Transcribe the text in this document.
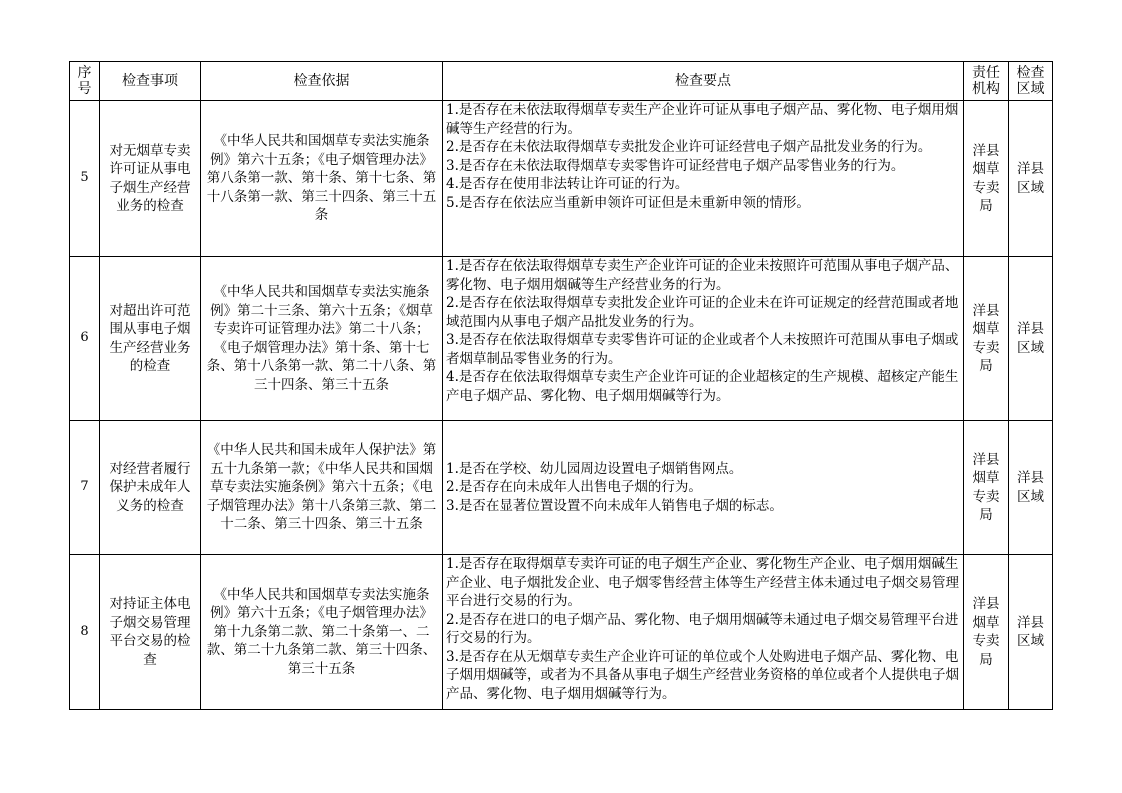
序号	检查事项	检查依据	检查要点	责任机构	检查区域
5	对无烟草专卖许可证从事电子烟生产经营业务的检查	《中华人民共和国烟草专卖法实施条例》第六十五条；《电子烟管理办法》第八条第一款、第十条、第十七条、第十八条第一款、第三十四条、第三十五条	1.是否存在未依法取得烟草专卖生产企业许可证从事电子烟产品、雾化物、电子烟用烟碱等生产经营的行为。
2.是否存在未依法取得烟草专卖批发企业许可证经营电子烟产品批发业务的行为。
3.是否存在未依法取得烟草专卖零售许可证经营电子烟产品零售业务的行为。
4.是否存在使用非法转让许可证的行为。
5.是否存在依法应当重新申领许可证但是未重新申领的情形。	洋县烟草专卖局	洋县区域
6	对超出许可范围从事电子烟生产经营业务的检查	《中华人民共和国烟草专卖法实施条例》第二十三条、第六十五条；《烟草专卖许可证管理办法》第二十八条；《电子烟管理办法》第十条、第十七条、第十八条第一款、第二十八条、第三十四条、第三十五条	1.是否存在依法取得烟草专卖生产企业许可证的企业未按照许可范围从事电子烟产品、雾化物、电子烟用烟碱等生产经营业务的行为。
2.是否存在依法取得烟草专卖批发企业许可证的企业未在许可证规定的经营范围或者地域范围内从事电子烟产品批发业务的行为。
3.是否存在依法取得烟草专卖零售许可证的企业或者个人未按照许可范围从事电子烟或者烟草制品零售业务的行为。
4.是否存在依法取得烟草专卖生产企业许可证的企业超核定的生产规模、超核定产能生产电子烟产品、雾化物、电子烟用烟碱等行为。	洋县烟草专卖局	洋县区域
7	对经营者履行保护未成年人义务的检查	《中华人民共和国未成年人保护法》第五十九条第一款；《中华人民共和国烟草专卖法实施条例》第六十五条；《电子烟管理办法》第十八条第三款、第二十二条、第三十四条、第三十五条	1.是否在学校、幼儿园周边设置电子烟销售网点。
2.是否存在向未成年人出售电子烟的行为。
3.是否在显著位置设置不向未成年人销售电子烟的标志。	洋县烟草专卖局	洋县区域
8	对持证主体电子烟交易管理平台交易的检查	《中华人民共和国烟草专卖法实施条例》第六十五条；《电子烟管理办法》第十九条第二款、第二十条第一、二款、第二十九条第二款、第三十四条、第三十五条	1.是否存在取得烟草专卖许可证的电子烟生产企业、雾化物生产企业、电子烟用烟碱生产企业、电子烟批发企业、电子烟零售经营主体等生产经营主体未通过电子烟交易管理平台进行交易的行为。
2.是否存在进口的电子烟产品、雾化物、电子烟用烟碱等未通过电子烟交易管理平台进行交易的行为。
3.是否存在从无烟草专卖生产企业许可证的单位或个人处购进电子烟产品、雾化物、电子烟用烟碱等，或者为不具备从事电子烟生产经营业务资格的单位或者个人提供电子烟产品、雾化物、电子烟用烟碱等行为。	洋县烟草专卖局	洋县区域
